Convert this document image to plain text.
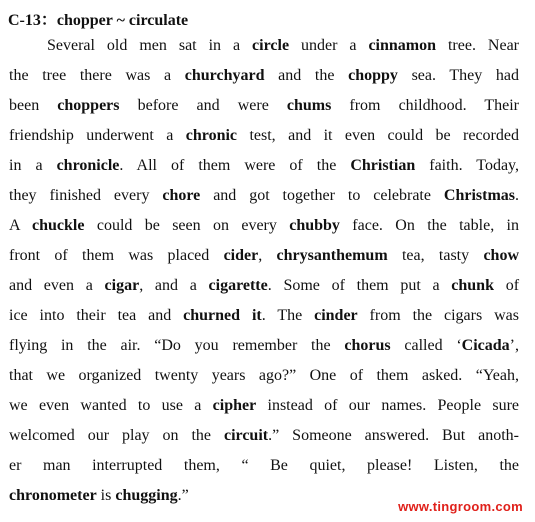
C-13：chopper ~ circulate
Several old men sat in a circle under a cinnamon tree. Near
the tree there was a churchyard and the choppy sea. They had
been choppers before and were chums from childhood. Their
friendship underwent a chronic test, and it even could be recorded
in a chronicle. All of them were of the Christian faith. Today,
they finished every chore and got together to celebrate Christmas.
A chuckle could be seen on every chubby face. On the table, in
front of them was placed cider, chrysanthemum tea, tasty chow
and even a cigar, and a cigarette. Some of them put a chunk of
ice into their tea and churned it. The cinder from the cigars was
flying in the air. “Do you remember the chorus called ‘Cicada’,
that we organized twenty years ago?” One of them asked. “Yeah,
we even wanted to use a cipher instead of our names. People sure
welcomed our play on the circuit.” Someone answered. But anoth-
er man interrupted them, “ Be quiet, please! Listen, the
chronometer is chugging.”
www.tingroom.com
